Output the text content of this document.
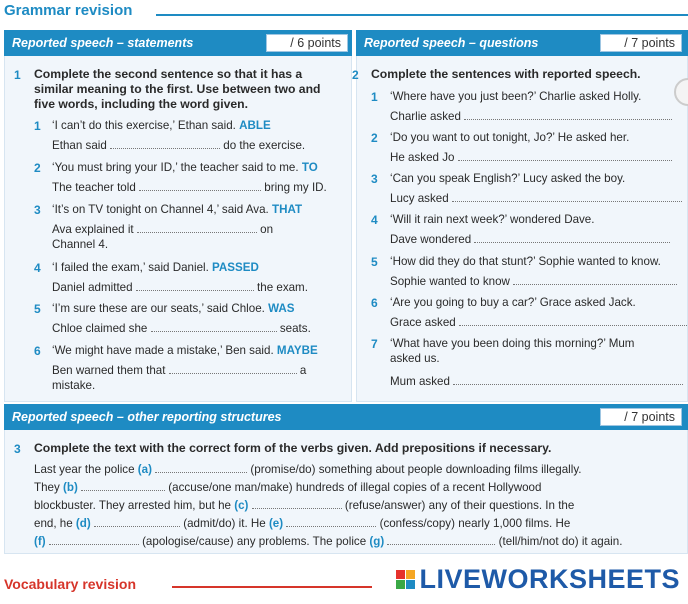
Grammar revision
Reported speech – statements	/ 6 points	Reported speech – questions	/ 7 points
1 Complete the second sentence so that it has a similar meaning to the first. Use between two and five words, including the word given.
1 ‘I can’t do this exercise,’ Ethan said. ABLE
Ethan said	do the exercise.
2 ‘You must bring your ID,’ the teacher said to me. TO
The teacher told	bring my ID.
3 ‘It’s on TV tonight on Channel 4,’ said Ava. THAT
Ava explained it	on
Channel 4.
4 ‘I failed the exam,’ said Daniel. PASSED
Daniel admitted	the exam.
5 ‘I’m sure these are our seats,’ said Chloe. WAS
Chloe claimed she	seats.
6 ‘We might have made a mistake,’ Ben said. MAYBE
Ben warned them that	a
mistake.
2 Complete the sentences with reported speech.
1 ‘Where have you just been?’ Charlie asked Holly.
Charlie asked
2 ‘Do you want to out tonight, Jo?’ He asked her.
He asked Jo
3 ‘Can you speak English?’ Lucy asked the boy.
Lucy asked
4 ‘Will it rain next week?’ wondered Dave.
Dave wondered
5 ‘How did they do that stunt?’ Sophie wanted to know.
Sophie wanted to know
6 ‘Are you going to buy a car?’ Grace asked Jack.
Grace asked
7 ‘What have you been doing this morning?’ Mum
asked us.
Mum asked
Reported speech – other reporting structures	/ 7 points
3 Complete the text with the correct form of the verbs given. Add prepositions if necessary.
Last year the police (a)	(promise/do) something about people downloading films illegally.
They (b)	(accuse/one man/make) hundreds of illegal copies of a recent Hollywood
blockbuster. They arrested him, but he (c)	(refuse/answer) any of their questions. In the
end, he (d)	(admit/do) it. He (e)	(confess/copy) nearly 1,000 films. He
(f)	(apologise/cause) any problems. The police (g)	(tell/him/not do) it again.
Vocabulary revision	LIVEWORKSHEETS
